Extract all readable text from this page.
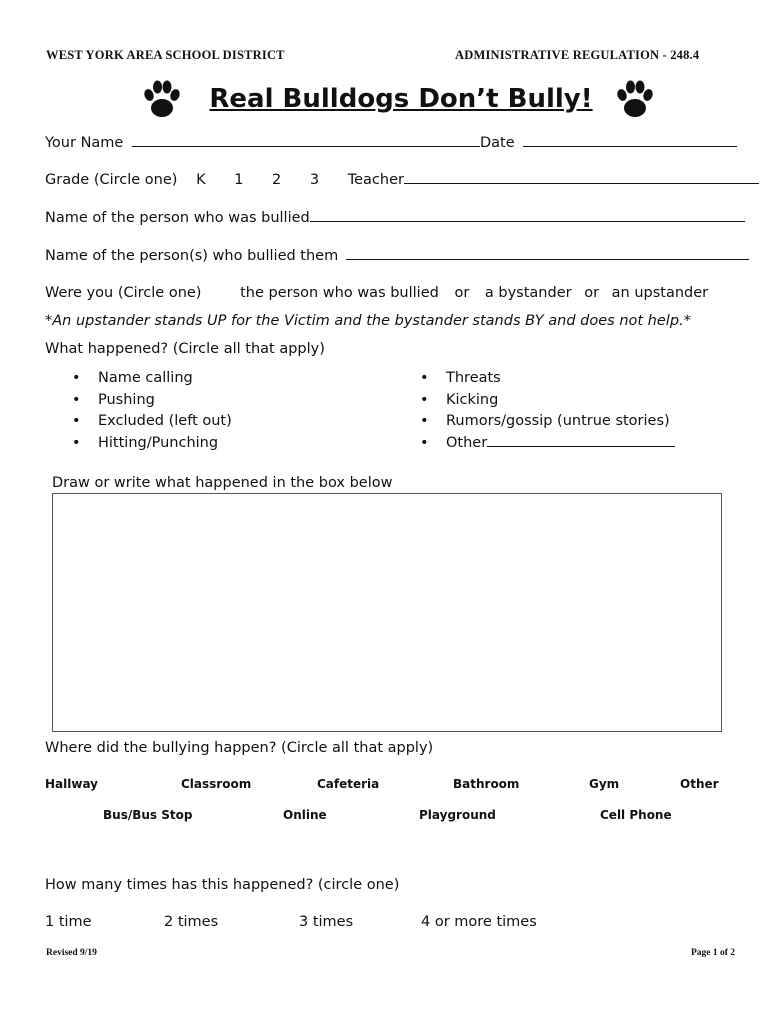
WEST YORK AREA SCHOOL DISTRICT	ADMINISTRATIVE REGULATION - 248.4
Real Bulldogs Don’t Bully!
Your Name	Date
Grade (Circle one) K 1 2 3 Teacher
Name of the person who was bullied
Name of the person(s) who bullied them
Were you (Circle one)	the person who was bullied or a bystander or an upstander
*An upstander stands UP for the Victim and the bystander stands BY and does not help.*
What happened? (Circle all that apply)
• Name calling
• Pushing
• Excluded (left out)
• Hitting/Punching
• Threats
• Kicking
• Rumors/gossip (untrue stories)
• Other
Draw or write what happened in the box below
Where did the bullying happen? (Circle all that apply)
Hallway	Classroom	Cafeteria	Bathroom	Gym	Other
Bus/Bus Stop	Online	Playground	Cell Phone
How many times has this happened? (circle one)
1 time	2 times	3 times	4 or more times
Revised 9/19	Page 1 of 2
